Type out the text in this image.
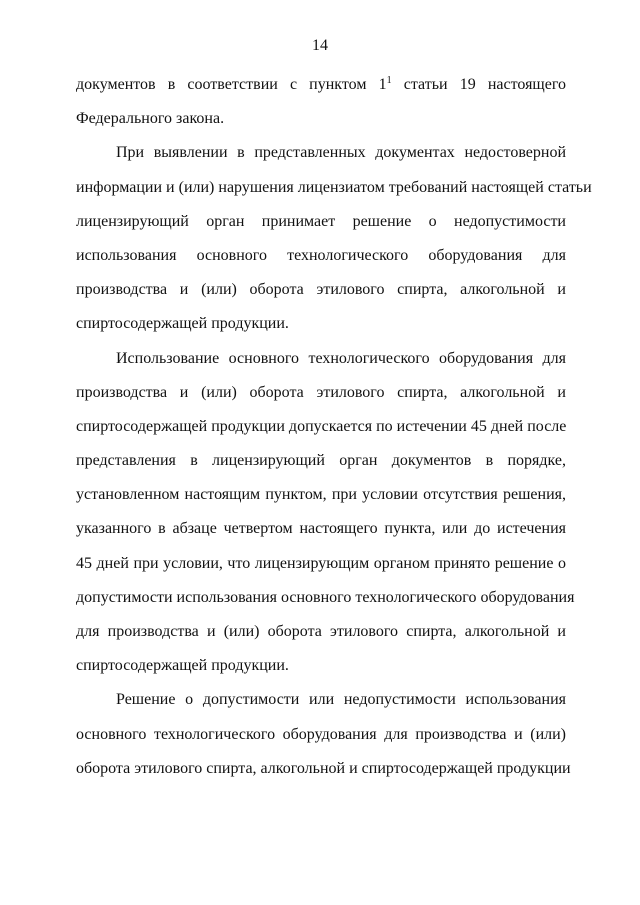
14
документов в соответствии с пунктом $1^1$ статьи 19 настоящего
Федерального закона.
При выявлении в представленных документах недостоверной
информации и (или) нарушения лицензиатом требований настоящей статьи
лицензирующий орган принимает решение о недопустимости
использования основного технологического оборудования для
производства и (или) оборота этилового спирта, алкогольной и
спиртосодержащей продукции.
Использование основного технологического оборудования для
производства и (или) оборота этилового спирта, алкогольной и
спиртосодержащей продукции допускается по истечении 45 дней после
представления в лицензирующий орган документов в порядке,
установленном настоящим пунктом, при условии отсутствия решения,
указанного в абзаце четвертом настоящего пункта, или до истечения
45 дней при условии, что лицензирующим органом принято решение о
допустимости использования основного технологического оборудования
для производства и (или) оборота этилового спирта, алкогольной и
спиртосодержащей продукции.
Решение о допустимости или недопустимости использования
основного технологического оборудования для производства и (или)
оборота этилового спирта, алкогольной и спиртосодержащей продукции
